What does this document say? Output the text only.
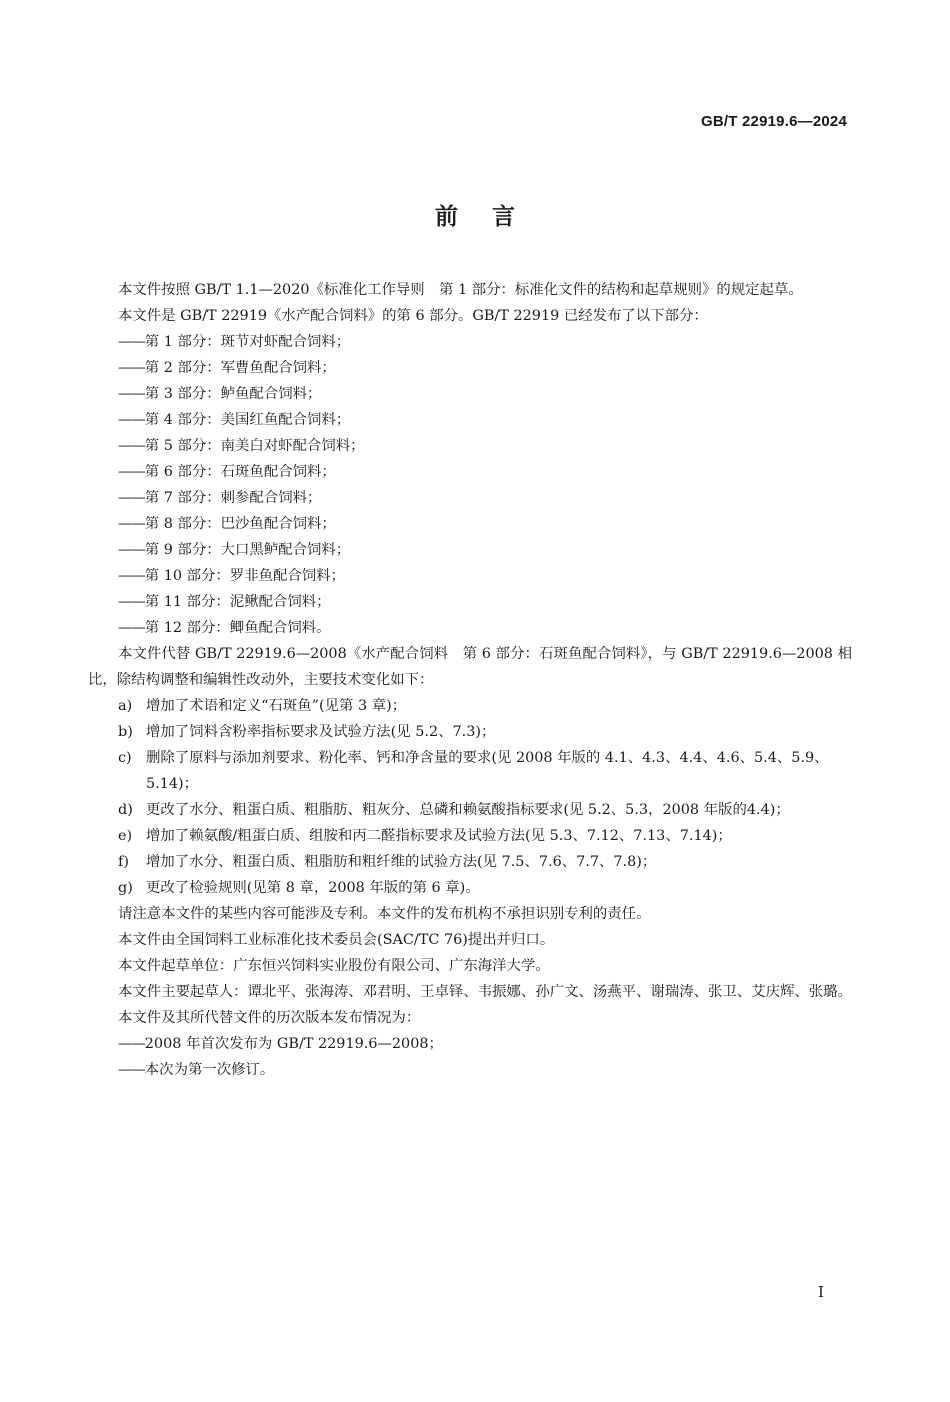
GB/T 22919.6—2024
前言

本文件按照 GB/T 1.1—2020《标准化工作导则　第 1 部分：标准化文件的结构和起草规则》的规定起草。

本文件是 GB/T 22919《水产配合饲料》的第 6 部分。GB/T 22919 已经发布了以下部分：

——第 1 部分：斑节对虾配合饲料；

——第 2 部分：军曹鱼配合饲料；

——第 3 部分：鲈鱼配合饲料；

——第 4 部分：美国红鱼配合饲料；

——第 5 部分：南美白对虾配合饲料；

——第 6 部分：石斑鱼配合饲料；

——第 7 部分：刺参配合饲料；

——第 8 部分：巴沙鱼配合饲料；

——第 9 部分：大口黑鲈配合饲料；

——第 10 部分：罗非鱼配合饲料；

——第 11 部分：泥鳅配合饲料；

——第 12 部分：鲫鱼配合饲料。

本文件代替 GB/T 22919.6—2008《水产配合饲料　第 6 部分：石斑鱼配合饲料》，与 GB/T 22919.6—2008 相比，除结构调整和编辑性改动外，主要技术变化如下：

a) 增加了术语和定义“石斑鱼”(见第 3 章)；
b) 增加了饲料含粉率指标要求及试验方法(见 5.2、7.3)；
c) 删除了原料与添加剂要求、粉化率、钙和净含量的要求(见 2008 年版的 4.1、4.3、4.4、4.6、5.4、5.9、5.14)；
d) 更改了水分、粗蛋白质、粗脂肪、粗灰分、总磷和赖氨酸指标要求(见 5.2、5.3，2008 年版的4.4)；
e) 增加了赖氨酸/粗蛋白质、组胺和丙二醛指标要求及试验方法(见 5.3、7.12、7.13、7.14)；
f)	增加了水分、粗蛋白质、粗脂肪和粗纤维的试验方法(见 7.5、7.6、7.7、7.8)；
g) 更改了检验规则(见第 8 章，2008 年版的第 6 章)。

请注意本文件的某些内容可能涉及专利。本文件的发布机构不承担识别专利的责任。

本文件由全国饲料工业标准化技术委员会(SAC/TC 76)提出并归口。

本文件起草单位：广东恒兴饲料实业股份有限公司、广东海洋大学。

本文件主要起草人：谭北平、张海涛、邓君明、王卓铎、韦振娜、孙广文、汤燕平、谢瑞涛、张卫、艾庆辉、张璐。

本文件及其所代替文件的历次版本发布情况为：

——2008 年首次发布为 GB/T 22919.6—2008；

——本次为第一次修订。

I
